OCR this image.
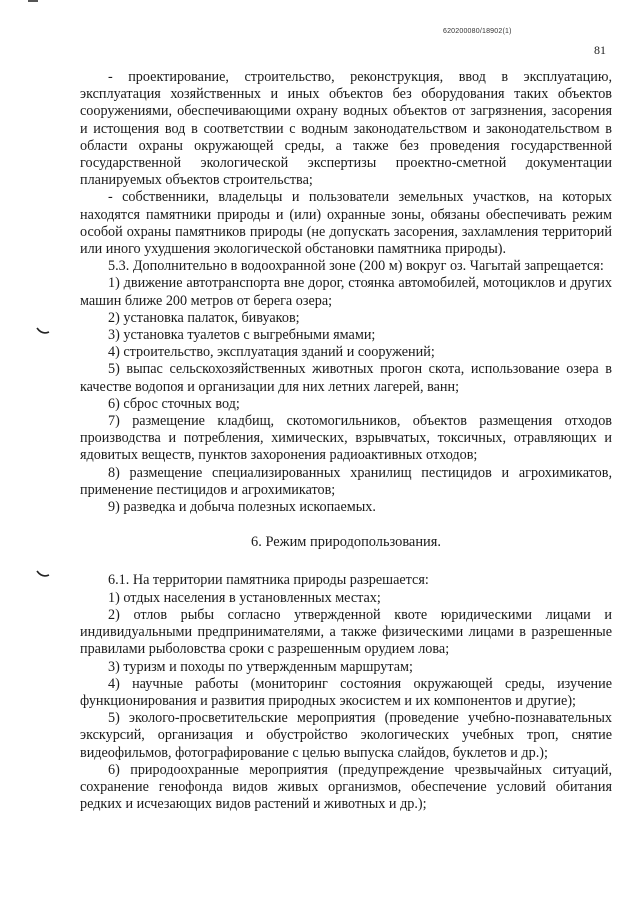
620200080/18902(1)
81

- проектирование, строительство, реконструкция, ввод в эксплуатацию, эксплуатация хозяйственных и иных объектов без оборудования таких объектов сооружениями, обеспечивающими охрану водных объектов от загрязнения, засорения и истощения вод в соответствии с водным законодательством и законодательством в области охраны окружающей среды, а также без проведения государственной государственной экологической экспертизы проектно-сметной документации планируемых объектов строительства;

- собственники, владельцы и пользователи земельных участков, на которых находятся памятники природы и (или) охранные зоны, обязаны обеспечивать режим особой охраны памятников природы (не допускать засорения, захламления территорий или иного ухудшения экологической обстановки памятника природы).

5.3. Дополнительно в водоохранной зоне (200 м) вокруг оз. Чагытай запрещается:

1) движение автотранспорта вне дорог, стоянка автомобилей, мотоциклов и других машин ближе 200 метров от берега озера;

2) установка палаток, бивуаков;

3) установка туалетов с выгребными ямами;

4) строительство, эксплуатация зданий и сооружений;

5) выпас сельскохозяйственных животных прогон скота, использование озера в качестве водопоя и организации для них летних лагерей, ванн;

6) сброс сточных вод;

7) размещение кладбищ, скотомогильников, объектов размещения отходов производства и потребления, химических, взрывчатых, токсичных, отравляющих и ядовитых веществ, пунктов захоронения радиоактивных отходов;

8) размещение специализированных хранилищ пестицидов и агрохимикатов, применение пестицидов и агрохимикатов;

9) разведка и добыча полезных ископаемых.

6. Режим природопользования.

6.1. На территории памятника природы разрешается:

1) отдых населения в установленных местах;

2) отлов рыбы согласно утвержденной квоте юридическими лицами и индивидуальными предпринимателями, а также физическими лицами в разрешенные правилами рыболовства сроки с разрешенным орудием лова;

3) туризм и походы по утвержденным маршрутам;

4) научные работы (мониторинг состояния окружающей среды, изучение функционирования и развития природных экосистем и их компонентов и другие);

5) эколого-просветительские мероприятия (проведение учебно-познавательных экскурсий, организация и обустройство экологических учебных троп, снятие видеофильмов, фотографирование с целью выпуска слайдов, буклетов и др.);

6) природоохранные мероприятия (предупреждение чрезвычайных ситуаций, сохранение генофонда видов живых организмов, обеспечение условий обитания редких и исчезающих видов растений и животных и др.);
